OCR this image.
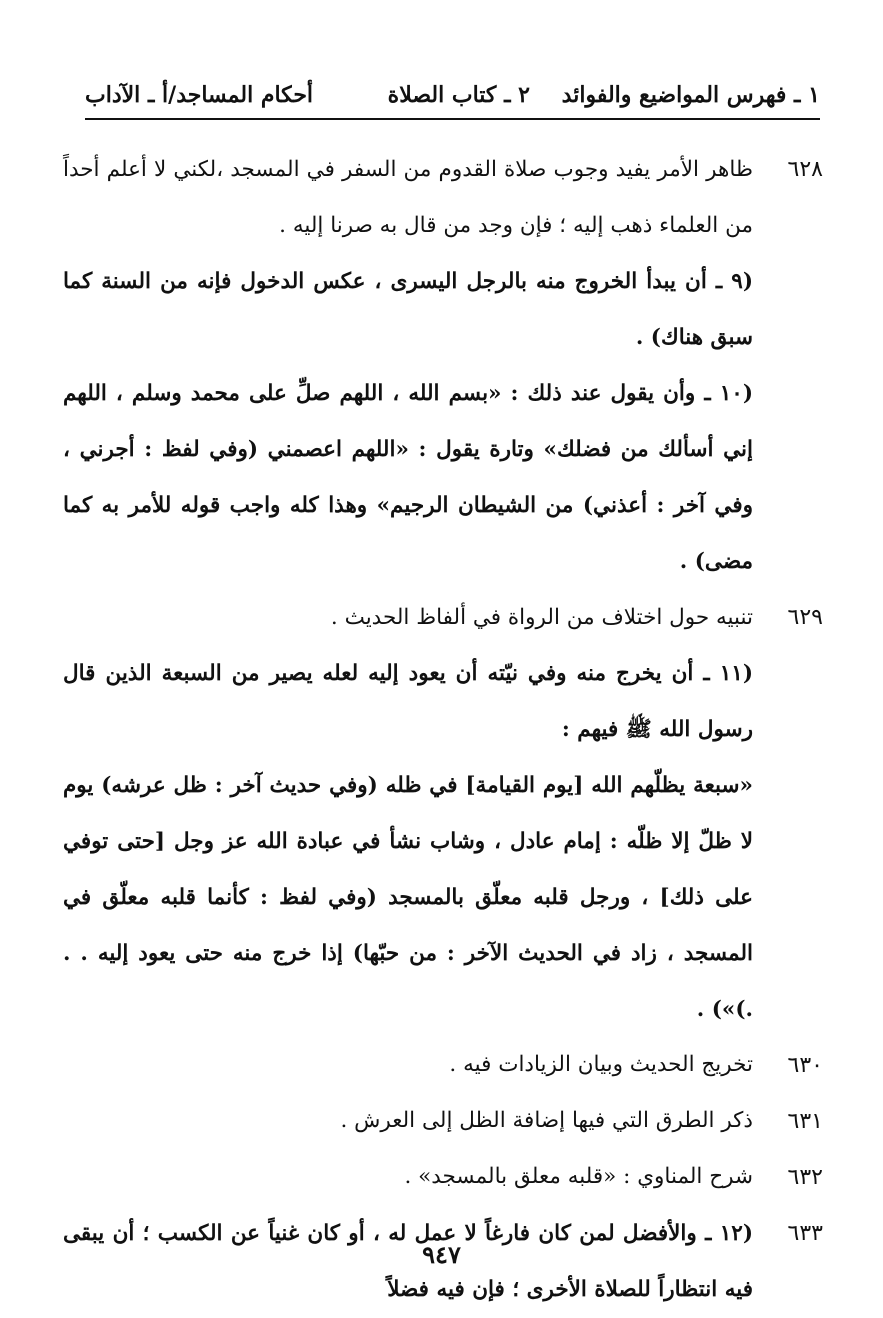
١ ـ فهرس المواضيع والفوائد
٢ ـ كتاب الصلاة
أحكام المساجد/أ ـ الآداب
٦٢٨
ظاهر الأمر يفيد وجوب صلاة القدوم من السفر في المسجد ،لكني لا أعلم أحداً من العلماء ذهب إليه ؛ فإن وجد من قال به صرنا إليه .
(٩ ـ أن يبدأ الخروج منه بالرجل اليسرى ، عكس الدخول فإنه من السنة كما سبق هناك) .
(١٠ ـ وأن يقول عند ذلك : «بسم الله ، اللهم صلِّ على محمد وسلم ، اللهم إني أسألك من فضلك» وتارة يقول : «اللهم اعصمني (وفي لفظ : أجرني ، وفي آخر : أعذني) من الشيطان الرجيم» وهذا كله واجب قوله للأمر به كما مضى) .
٦٢٩
تنبيه حول اختلاف من الرواة في ألفاظ الحديث .
(١١ ـ أن يخرج منه وفي نيّته أن يعود إليه لعله يصير من السبعة الذين قال رسول الله ﷺ فيهم :
«سبعة يظلّهم الله [يوم القيامة] في ظله (وفي حديث آخر : ظل عرشه) يوم لا ظلّ إلا ظلّه : إمام عادل ، وشاب نشأ في عبادة الله عز وجل [حتى توفي على ذلك] ، ورجل قلبه معلّق بالمسجد (وفي لفظ : كأنما قلبه معلّق في المسجد ، زاد في الحديث الآخر : من حبّها) إذا خرج منه حتى يعود إليه . . .)») .
٦٣٠
تخريج الحديث وبيان الزيادات فيه .
٦٣١
ذكر الطرق التي فيها إضافة الظل إلى العرش .
٦٣٢
شرح المناوي : «قلبه معلق بالمسجد» .
٦٣٣
(١٢ ـ والأفضل لمن كان فارغاً لا عمل له ، أو كان غنياً عن الكسب ؛ أن يبقى فيه انتظاراً للصلاة الأخرى ؛ فإن فيه فضلاً
٩٤٧
